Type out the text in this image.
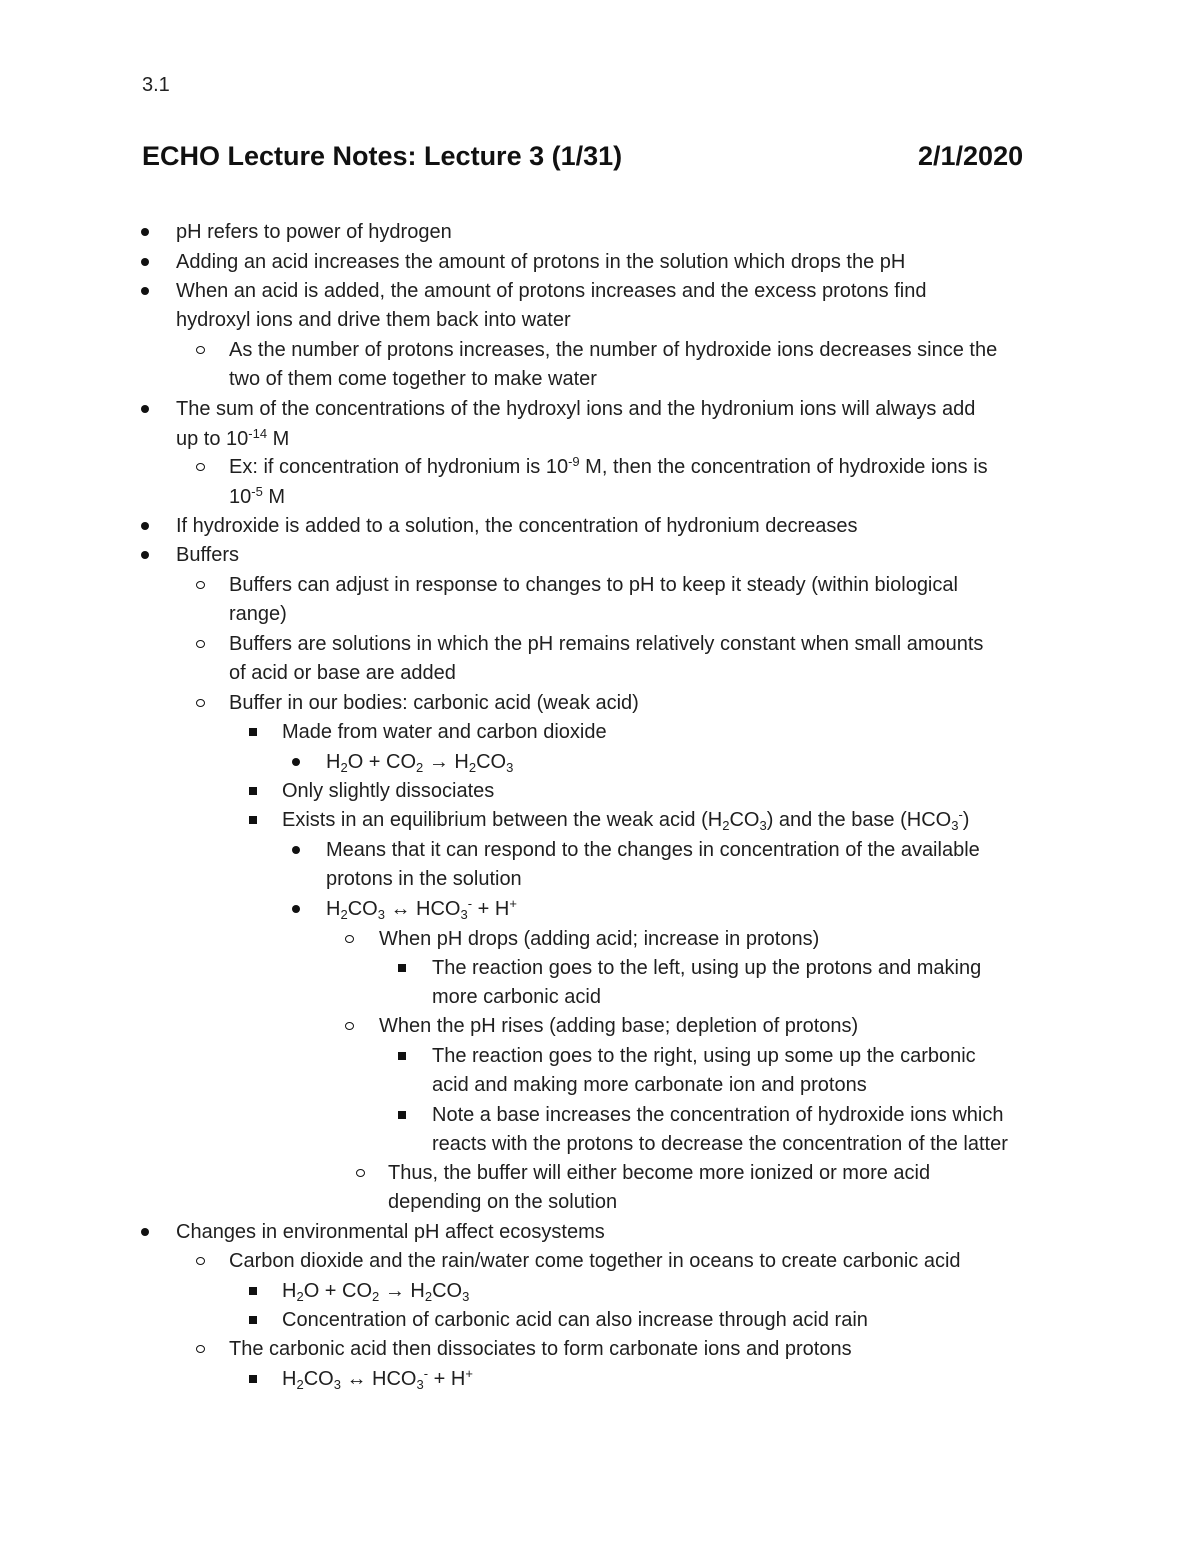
3.1
ECHO Lecture Notes: Lecture 3 (1/31)	2/1/2020
pH refers to power of hydrogen
Adding an acid increases the amount of protons in the solution which drops the pH
When an acid is added, the amount of protons increases and the excess protons find
hydroxyl ions and drive them back into water
As the number of protons increases, the number of hydroxide ions decreases since the
two of them come together to make water
The sum of the concentrations of the hydroxyl ions and the hydronium ions will always add
up to $10^{-14}$ M
Ex: if concentration of hydronium is $10^{-9}$ M, then the concentration of hydroxide ions is
$10^{-5}$ M
If hydroxide is added to a solution, the concentration of hydronium decreases
Buffers
Buffers can adjust in response to changes to pH to keep it steady (within biological
range)
Buffers are solutions in which the pH remains relatively constant when small amounts
of acid or base are added
Buffer in our bodies: carbonic acid (weak acid)
Made from water and carbon dioxide
$H_2O + CO_2 \to H_2CO_3$
Only slightly dissociates
Exists in an equilibrium between the weak acid $(H_2CO_3)$ and the base $(HCO_3^-)$
Means that it can respond to the changes in concentration of the available
protons in the solution
$H_2CO_3$ ↔ $HCO_3^- + H^+$
When pH drops (adding acid; increase in protons)
The reaction goes to the left, using up the protons and making
more carbonic acid
When the pH rises (adding base; depletion of protons)
The reaction goes to the right, using up some up the carbonic
acid and making more carbonate ion and protons
Note a base increases the concentration of hydroxide ions which
reacts with the protons to decrease the concentration of the latter
Thus, the buffer will either become more ionized or more acid
depending on the solution
Changes in environmental pH affect ecosystems
Carbon dioxide and the rain/water come together in oceans to create carbonic acid
$H_2O + CO_2 \to H_2CO_3$
Concentration of carbonic acid can also increase through acid rain
The carbonic acid then dissociates to form carbonate ions and protons
$H_2CO_3$ ↔ $HCO_3^- + H^+$
